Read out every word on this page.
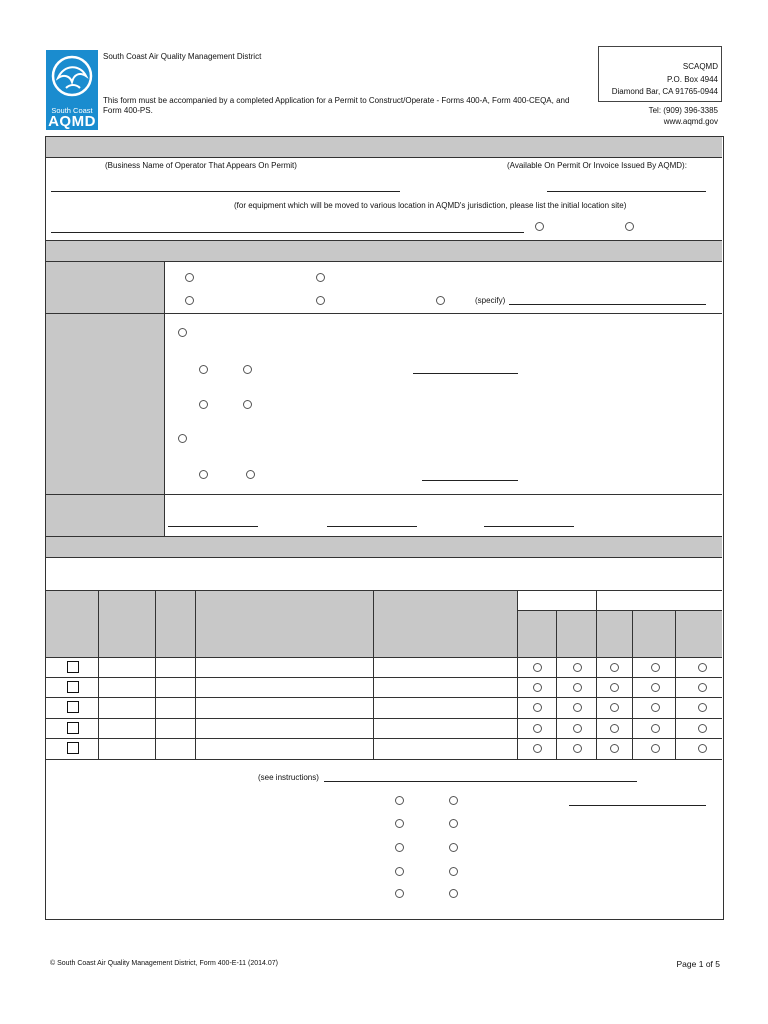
South Coast
AQMD
South Coast Air Quality Management District
This form must be accompanied by a completed Application for a Permit to Construct/Operate - Forms 400-A, Form 400-CEQA, and Form 400-PS.
SCAQMD
P.O. Box 4944
Diamond Bar, CA 91765-0944
Tel: (909) 396-3385
www.aqmd.gov
(Business Name of Operator That Appears On Permit)	(Available On Permit Or Invoice Issued By AQMD):
(for equipment which will be moved to various location in AQMD's jurisdiction, please list the initial location site)
(specify)
(see instructions)
© South Coast Air Quality Management District, Form 400-E-11 (2014.07)	Page 1 of 5
